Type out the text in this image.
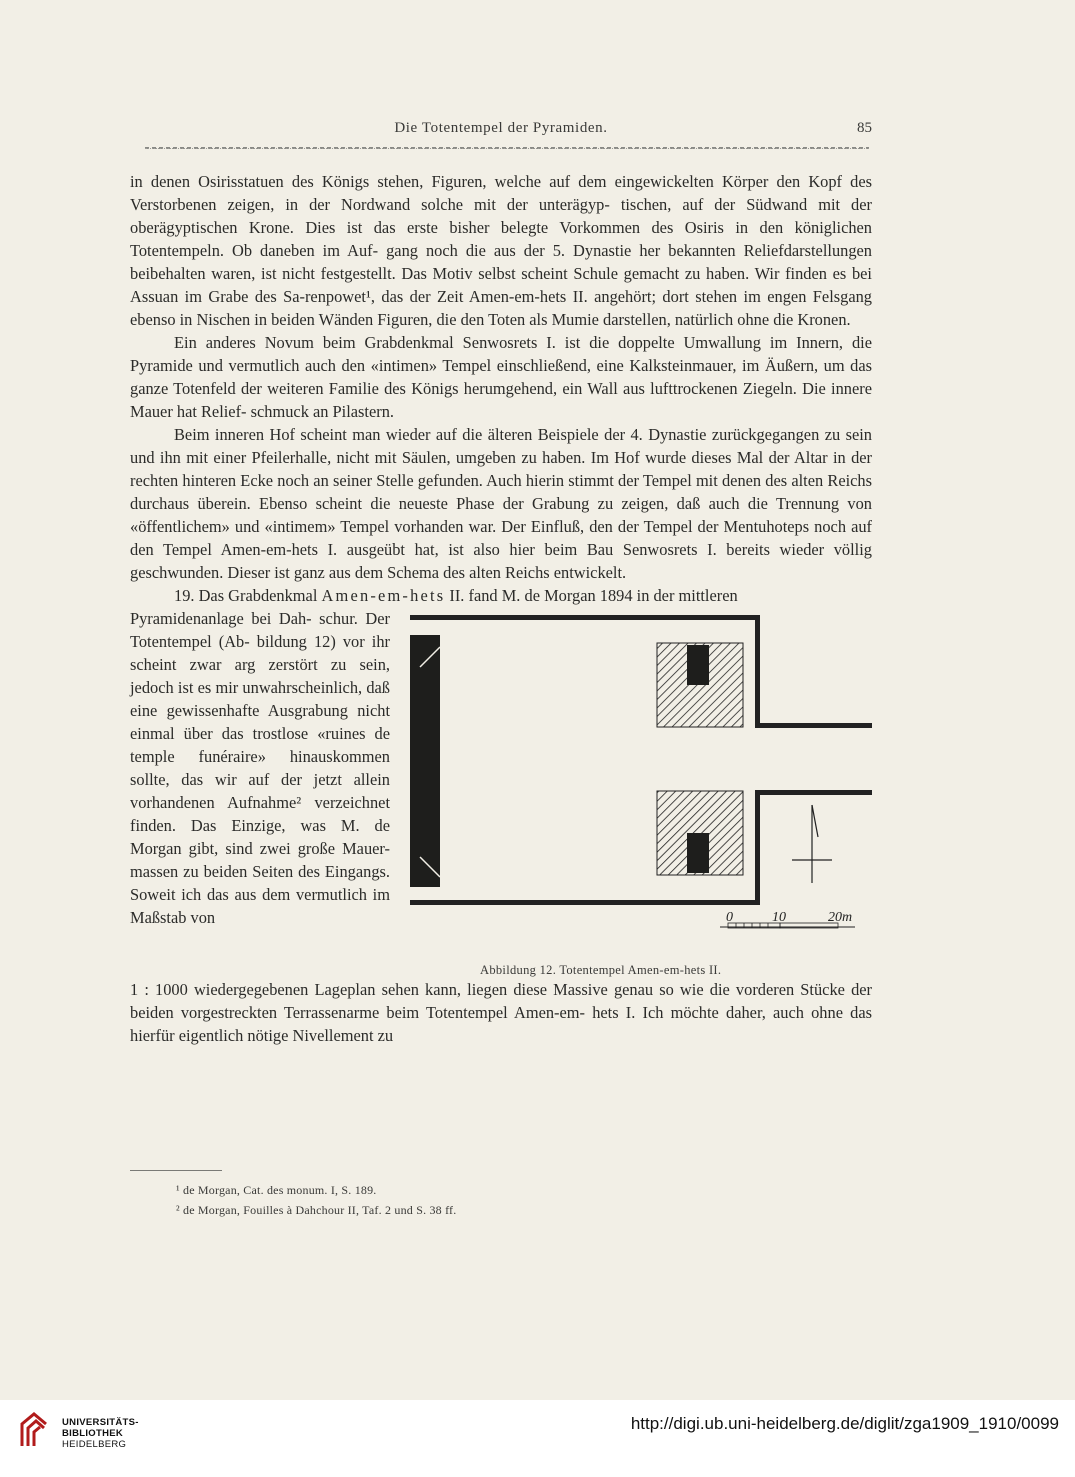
Die Totentempel der Pyramiden.	85

in denen Osirisstatuen des Königs stehen, Figuren, welche auf dem eingewickelten Körper den Kopf des Verstorbenen zeigen, in der Nordwand solche mit der unterägyp- tischen, auf der Südwand mit der oberägyptischen Krone. Dies ist das erste bisher belegte Vorkommen des Osiris in den königlichen Totentempeln. Ob daneben im Auf- gang noch die aus der 5. Dynastie her bekannten Reliefdarstellungen beibehalten waren, ist nicht festgestellt. Das Motiv selbst scheint Schule gemacht zu haben. Wir finden es bei Assuan im Grabe des Sa-renpowet¹, das der Zeit Amen-em-hets II. angehört; dort stehen im engen Felsgang ebenso in Nischen in beiden Wänden Figuren, die den Toten als Mumie darstellen, natürlich ohne die Kronen.

Ein anderes Novum beim Grabdenkmal Senwosrets I. ist die doppelte Umwallung im Innern, die Pyramide und vermutlich auch den «intimen» Tempel einschließend, eine Kalksteinmauer, im Äußern, um das ganze Totenfeld der weiteren Familie des Königs herumgehend, ein Wall aus lufttrockenen Ziegeln. Die innere Mauer hat Relief- schmuck an Pilastern.

Beim inneren Hof scheint man wieder auf die älteren Beispiele der 4. Dynastie zurückgegangen zu sein und ihn mit einer Pfeilerhalle, nicht mit Säulen, umgeben zu haben. Im Hof wurde dieses Mal der Altar in der rechten hinteren Ecke noch an seiner Stelle gefunden. Auch hierin stimmt der Tempel mit denen des alten Reichs durchaus überein. Ebenso scheint die neueste Phase der Grabung zu zeigen, daß auch die Trennung von «öffentlichem» und «intimem» Tempel vorhanden war. Der Einfluß, den der Tempel der Mentuhoteps noch auf den Tempel Amen-em-hets I. ausgeübt hat, ist also hier beim Bau Senwosrets I. bereits wieder völlig geschwunden. Dieser ist ganz aus dem Schema des alten Reichs entwickelt.

19. Das Grabdenkmal Amen-em-hets II. fand M. de Morgan 1894 in der mittleren

Pyramidenanlage bei Dah- schur. Der Totentempel (Ab- bildung 12) vor ihr scheint zwar arg zerstört zu sein, jedoch ist es mir unwahrscheinlich, daß eine gewissenhafte Ausgrabung nicht einmal über das trostlose «ruines de temple funéraire» hinauskommen sollte, das wir auf der jetzt allein vorhandenen Aufnahme² verzeichnet finden. Das Einzige, was M. de Morgan gibt, sind zwei große Mauer- massen zu beiden Seiten des Eingangs. Soweit ich das aus dem vermutlich im Maßstab von	0	10	20m
Abbildung 12. Totentempel Amen-em-hets II.

1 : 1000 wiedergegebenen Lageplan sehen kann, liegen diese Massive genau so wie die vorderen Stücke der beiden vorgestreckten Terrassenarme beim Totentempel Amen-em- hets I. Ich möchte daher, auch ohne das hierfür eigentlich nötige Nivellement zu

¹ de Morgan, Cat. des monum. I, S. 189.
² de Morgan, Fouilles à Dahchour II, Taf. 2 und S. 38 ff.
UNIVERSITÄTS-
BIBLIOTHEK
HEIDELBERG
http://digi.ub.uni-heidelberg.de/diglit/zga1909_1910/0099
